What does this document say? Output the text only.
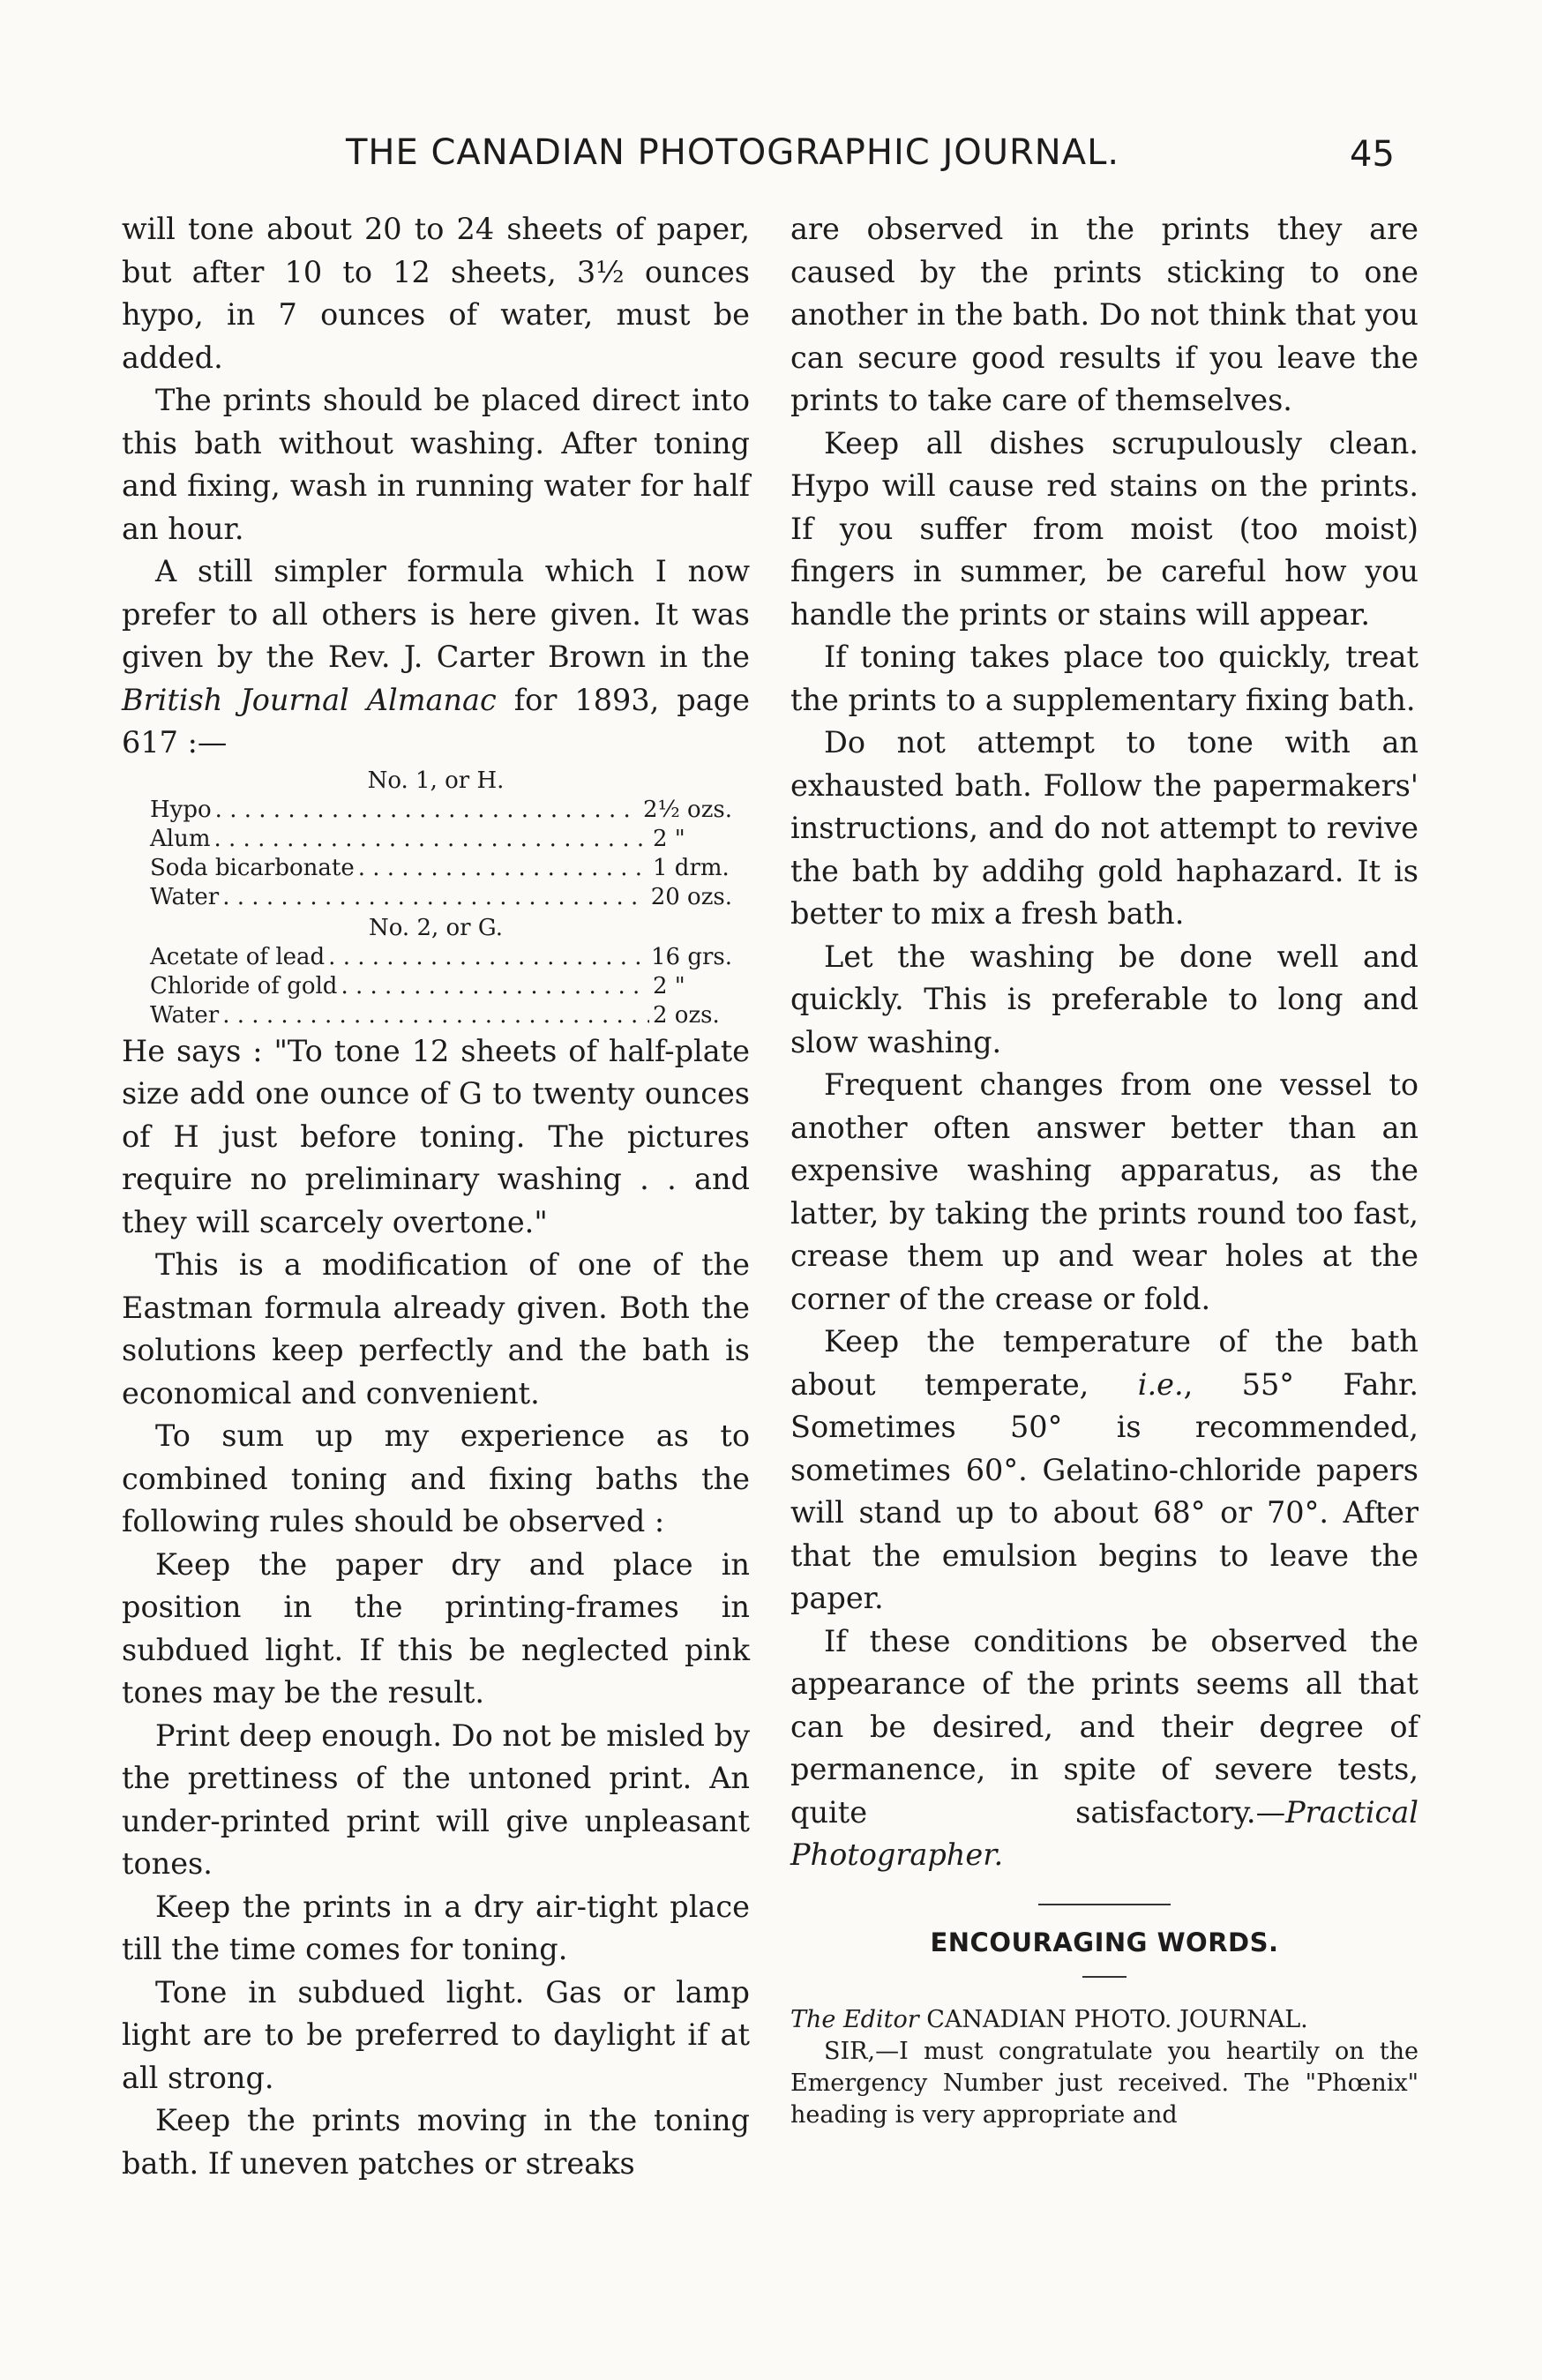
THE CANADIAN PHOTOGRAPHIC JOURNAL.	45

will tone about 20 to 24 sheets of paper, but after 10 to 12 sheets, 3½ ounces hypo, in 7 ounces of water, must be added.

The prints should be placed direct into this bath without washing. After toning and fixing, wash in running water for half an hour.

A still simpler formula which I now prefer to all others is here given. It was given by the Rev. J. Carter Brown in the British Journal Almanac for 1893, page 617 :—

No. 1, or H.
Hypo . . .	2½ ozs.
Alum . . .	2 "
Soda bicarbonate . . .	1 drm.
Water . . .	20 ozs.
No. 2, or G.
Acetate of lead . . .	16 grs.
Chloride of gold . . .	2 "
Water . . .	2 ozs.

He says : "To tone 12 sheets of half-plate size add one ounce of G to twenty ounces of H just before toning. The pictures require no preliminary washing . . and they will scarcely overtone."

This is a modification of one of the Eastman formula already given. Both the solutions keep perfectly and the bath is economical and convenient.

To sum up my experience as to combined toning and fixing baths the following rules should be observed :

Keep the paper dry and place in position in the printing-frames in subdued light. If this be neglected pink tones may be the result.

Print deep enough. Do not be misled by the prettiness of the untoned print. An under-printed print will give unpleasant tones.

Keep the prints in a dry air-tight place till the time comes for toning.

Tone in subdued light. Gas or lamp light are to be preferred to daylight if at all strong.

Keep the prints moving in the toning bath. If uneven patches or streaks

are observed in the prints they are caused by the prints sticking to one another in the bath. Do not think that you can secure good results if you leave the prints to take care of themselves.

Keep all dishes scrupulously clean. Hypo will cause red stains on the prints. If you suffer from moist (too moist) fingers in summer, be careful how you handle the prints or stains will appear.

If toning takes place too quickly, treat the prints to a supplementary fixing bath.

Do not attempt to tone with an exhausted bath. Follow the papermakers' instructions, and do not attempt to revive the bath by addihg gold haphazard. It is better to mix a fresh bath.

Let the washing be done well and quickly. This is preferable to long and slow washing.

Frequent changes from one vessel to another often answer better than an expensive washing apparatus, as the latter, by taking the prints round too fast, crease them up and wear holes at the corner of the crease or fold.

Keep the temperature of the bath about temperate, i.e., 55° Fahr. Sometimes 50° is recommended, sometimes 60°. Gelatino-chloride papers will stand up to about 68° or 70°. After that the emulsion begins to leave the paper.

If these conditions be observed the appearance of the prints seems all that can be desired, and their degree of permanence, in spite of severe tests, quite satisfactory.—Practical Photographer.

ENCOURAGING WORDS.

The Editor CANADIAN PHOTO. JOURNAL.

SIR,—I must congratulate you heartily on the Emergency Number just received. The "Phœnix" heading is very appropriate and
